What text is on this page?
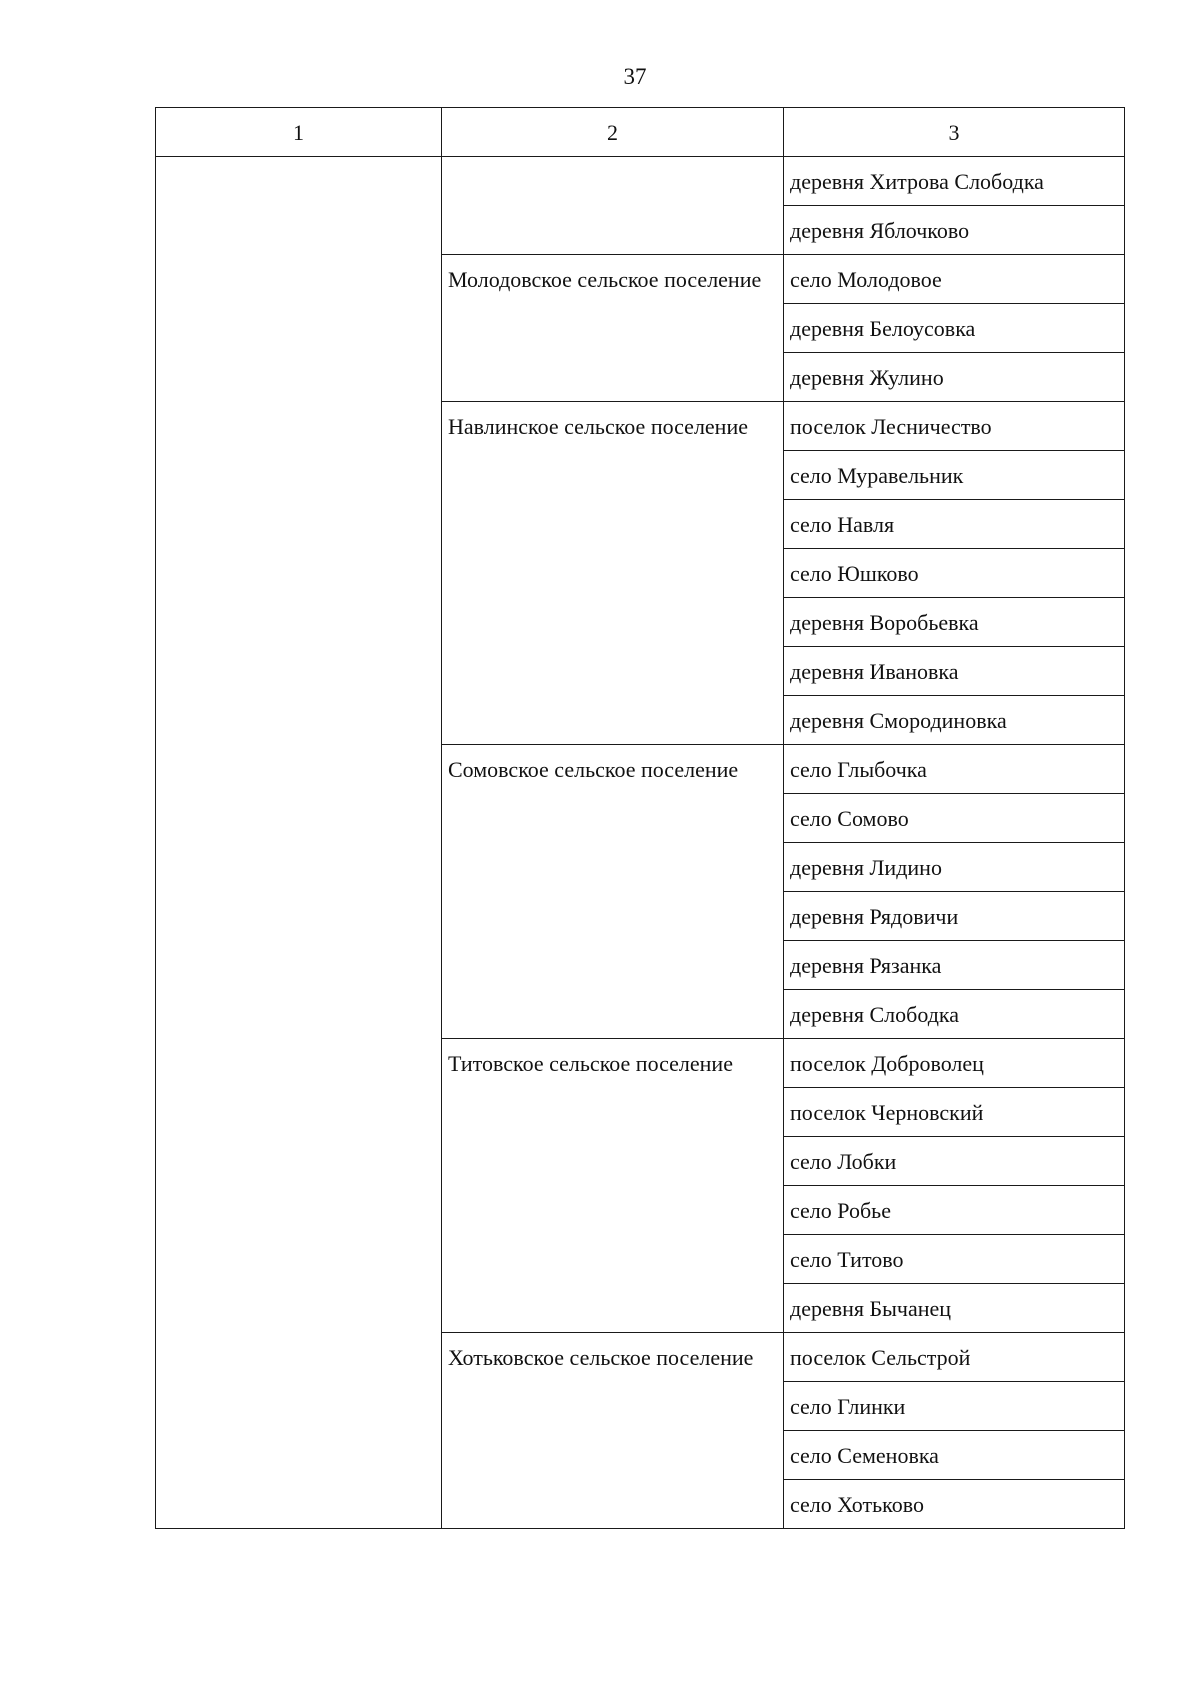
37
1	2	3
		деревня Хитрова Слободка
		деревня Яблочково
	Молодовское сельское поселение	село Молодовое
		деревня Белоусовка
		деревня Жулино
	Навлинское сельское поселение	поселок Лесничество
		село Муравельник
		село Навля
		село Юшково
		деревня Воробьевка
		деревня Ивановка
		деревня Смородиновка
	Сомовское сельское поселение	село Глыбочка
		село Сомово
		деревня Лидино
		деревня Рядовичи
		деревня Рязанка
		деревня Слободка
	Титовское сельское поселение	поселок Доброволец
		поселок Черновский
		село Лобки
		село Робье
		село Титово
		деревня Бычанец
	Хотьковское сельское поселение	поселок Сельстрой
		село Глинки
		село Семеновка
		село Хотьково
